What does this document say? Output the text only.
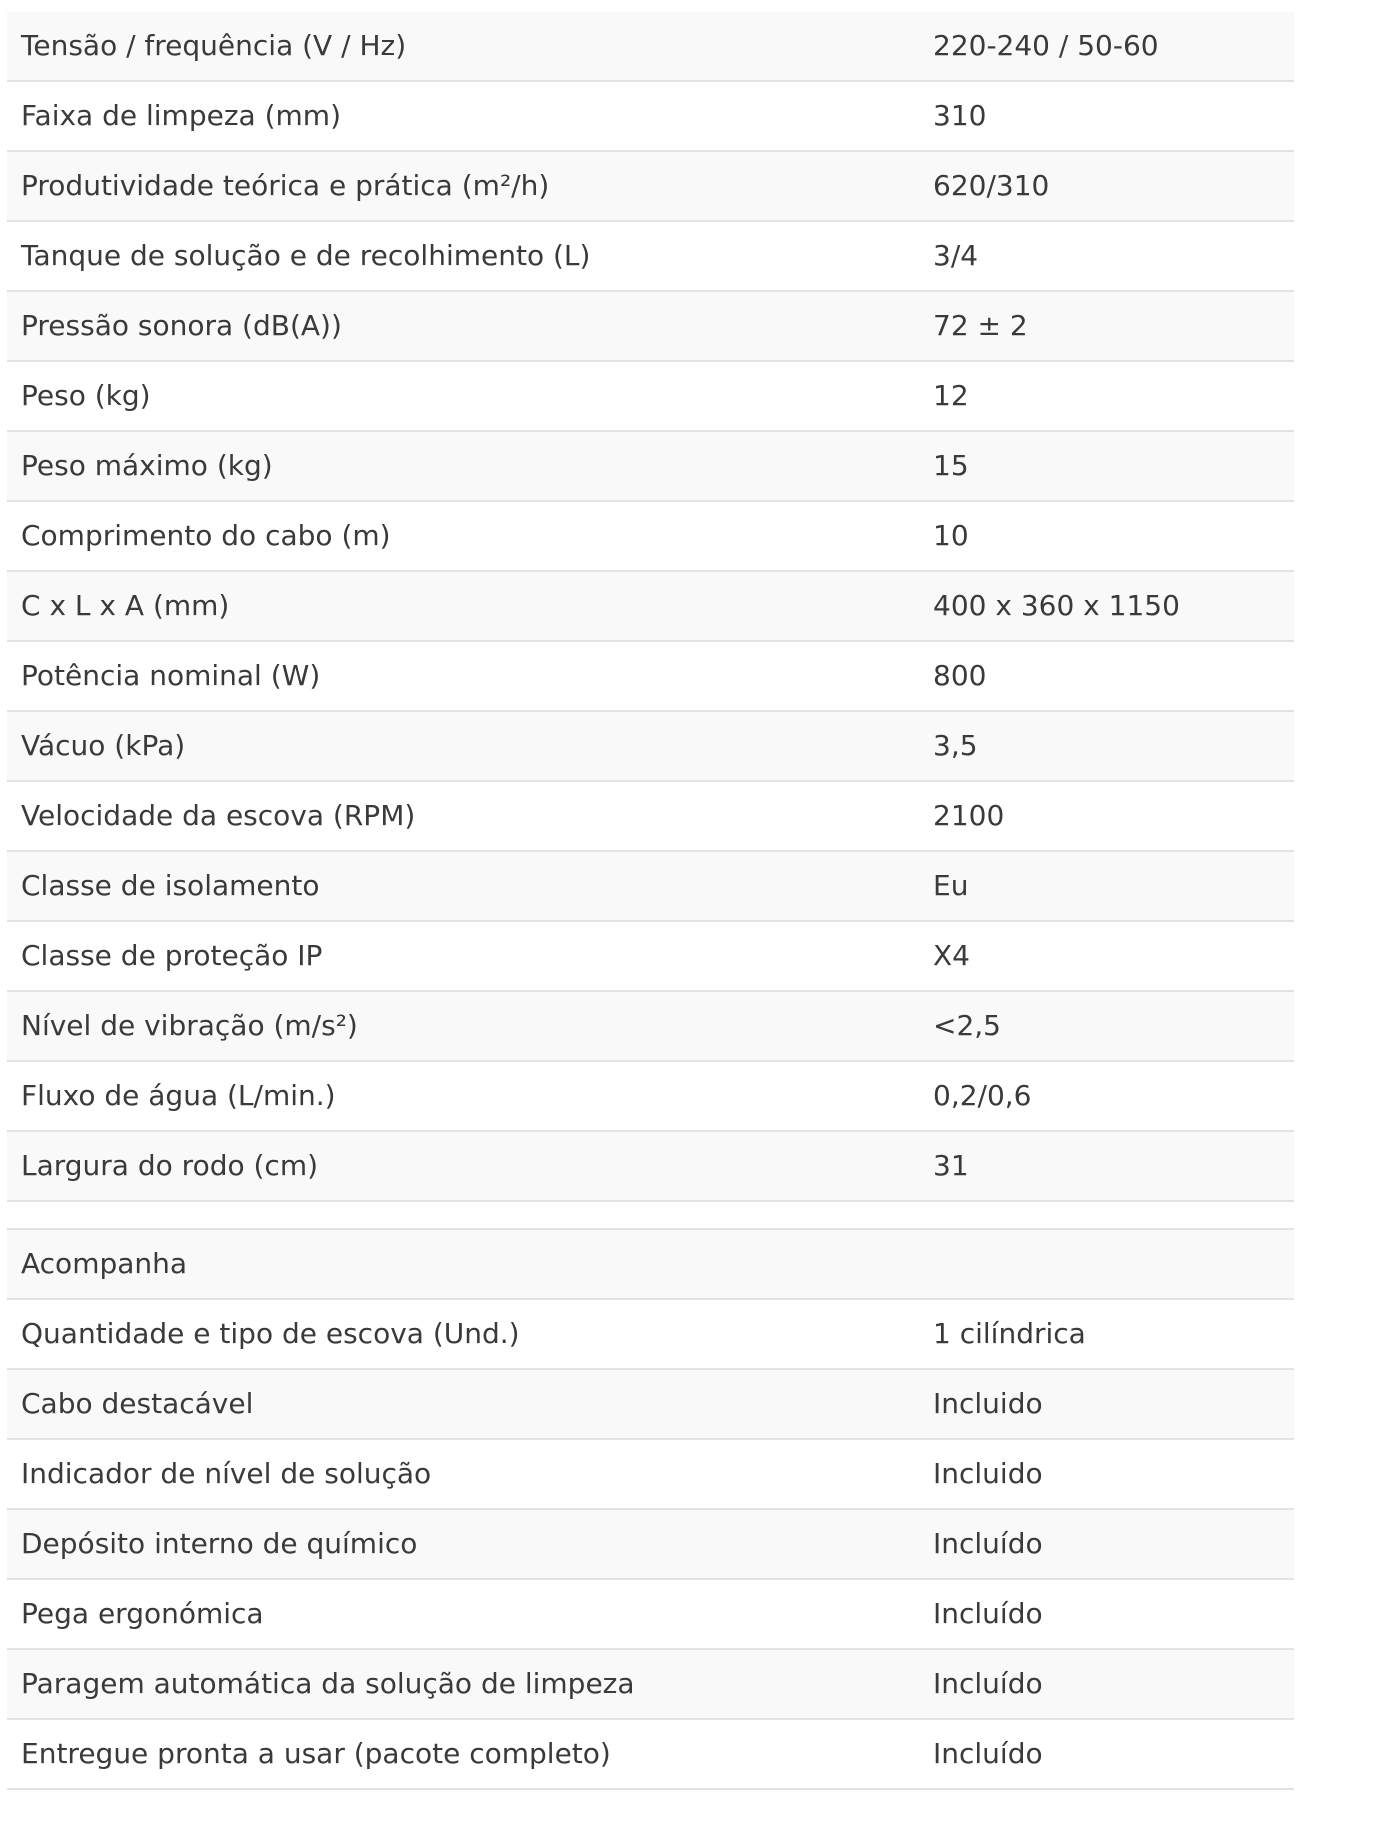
Tensão / frequência (V / Hz)	220-240 / 50-60
Faixa de limpeza (mm)	310
Produtividade teórica e prática (m²/h)	620/310
Tanque de solução e de recolhimento (L)	3/4
Pressão sonora (dB(A))	72 ± 2
Peso (kg)	12
Peso máximo (kg)	15
Comprimento do cabo (m)	10
C x L x A (mm)	400 x 360 x 1150
Potência nominal (W)	800
Vácuo (kPa)	3,5
Velocidade da escova (RPM)	2100
Classe de isolamento	Eu
Classe de proteção IP	X4
Nível de vibração (m/s²)	<2,5
Fluxo de água (L/min.)	0,2/0,6
Largura do rodo (cm)	31

Acompanha	
Quantidade e tipo de escova (Und.)	1 cilíndrica
Cabo destacável	Incluido
Indicador de nível de solução	Incluido
Depósito interno de químico	Incluído
Pega ergonómica	Incluído
Paragem automática da solução de limpeza	Incluído
Entregue pronta a usar (pacote completo)	Incluído
